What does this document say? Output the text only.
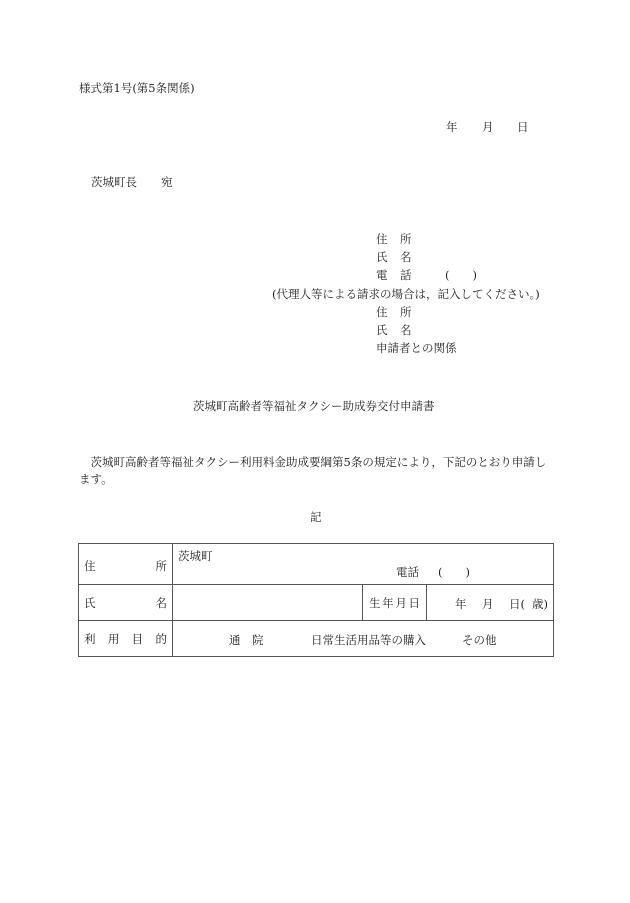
様式第1号(第5条関係)
年 月 日
茨城町長 宛
住 所
氏 名
電 話	(　　)
(代理人等による請求の場合は，記入してください。)
住 所
氏 名
申請者との関係
茨城町高齢者等福祉タクシー助成券交付申請書
　茨城町高齢者等福祉タクシー利用料金助成要綱第5条の規定により，下記のとおり申請し
ます。
記
住 所	茨城町
電話 (　　)		

氏 名		生 年 月 日	年 月 日( 歳)

利 用 目 的	通　院 日常生活用品等の購入 その他		
